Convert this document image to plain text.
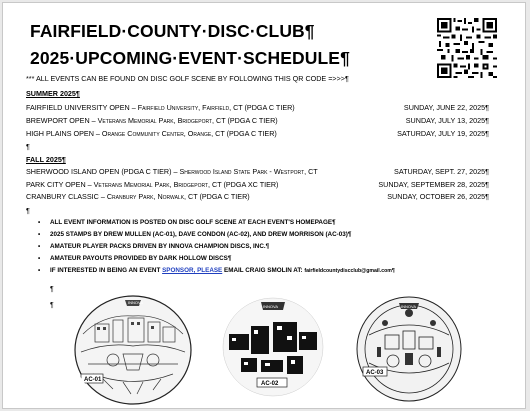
FAIRFIELD·COUNTY·DISC·CLUB¶
2025·UPCOMING·EVENT·SCHEDULE¶
*** ALL EVENTS CAN BE FOUND ON DISC GOLF SCENE BY FOLLOWING THIS QR CODE =>>>¶
SUMMER 2025¶
FAIRFIELD UNIVERSITY OPEN – Fairfield University, Fairfield, CT (PDGA C TIER)	SUNDAY, JUNE 22, 2025¶
BREWPORT OPEN – Veterans Memorial Park, Bridgeport, CT (PDGA C TIER)	SUNDAY, JULY 13, 2025¶
HIGH PLAINS OPEN – Orange Community Center, Orange, CT (PDGA C TIER)	SATURDAY, JULY 19, 2025¶
¶
FALL 2025¶
SHERWOOD ISLAND OPEN (PDGA C TIER) – Sherwood Island State Park - Westport, CT	SATURDAY, SEPT. 27, 2025¶
PARK CITY OPEN – Veterans Memorial Park, Bridgeport, CT (PDGA XC TIER)	SUNDAY, SEPTEMBER 28, 2025¶
CRANBURY CLASSIC – Cranbury Park, Norwalk, CT (PDGA C TIER)	SUNDAY, OCTOBER 26, 2025¶
¶
• ALL EVENT INFORMATION IS POSTED ON DISC GOLF SCENE AT EACH EVENT'S HOMEPAGE¶
• 2025 STAMPS BY DREW MULLEN (AC-01), DAVE CONDON (AC-02), AND DREW MORRISON (AC-03)¶
• AMATEUR PLAYER PACKS DRIVEN BY INNOVA CHAMPION DISCS, INC.¶
• AMATEUR PAYOUTS PROVIDED BY DARK HOLLOW DISCS¶
• IF INTERESTED IN BEING AN EVENT SPONSOR, PLEASE EMAIL CRAIG SMOLIN AT: fairfieldcountydiscclub@gmail.com¶
¶
¶	INNOVA
AC-01
INNOVA
AC-02
INNOVA
AC-03
